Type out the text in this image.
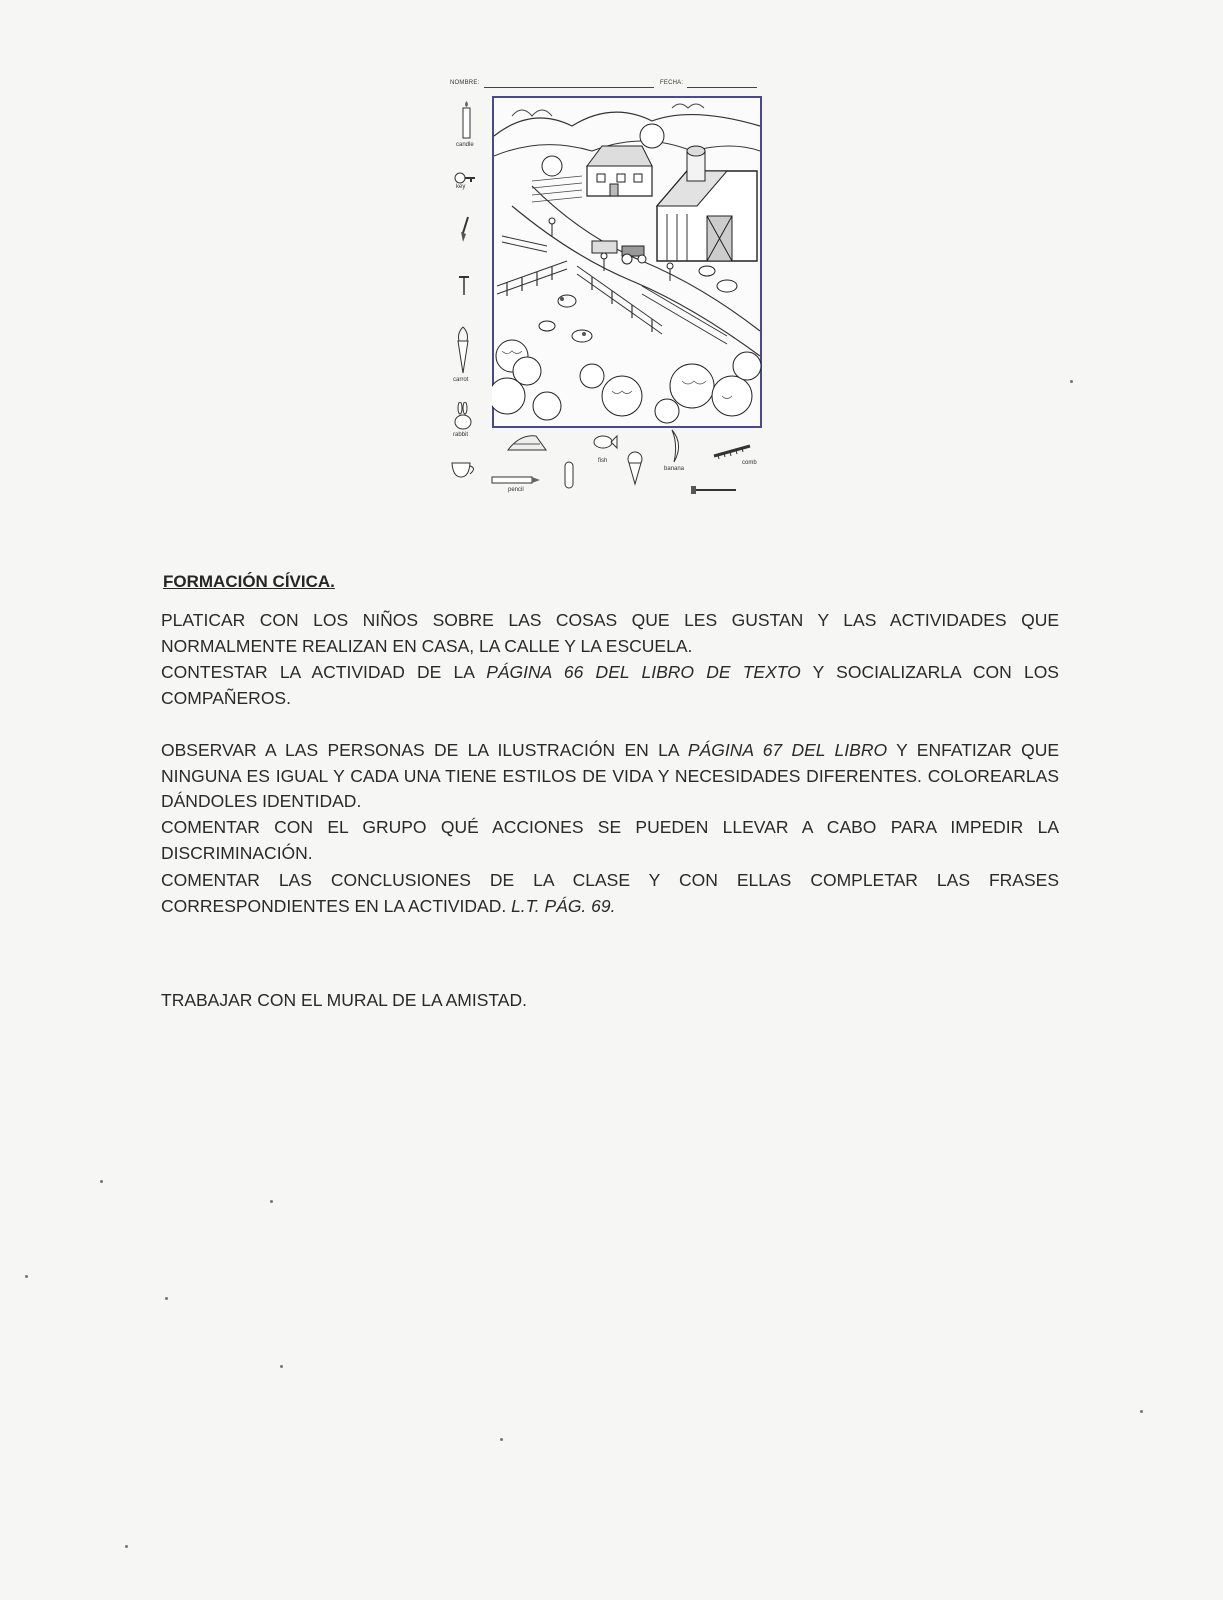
NOMBRE:	FECHA:
candle
key
carrot
rabbit
pencil
fish
banana
comb
FORMACIÓN CÍVICA.

PLATICAR CON LOS NIÑOS SOBRE LAS COSAS QUE LES GUSTAN Y LAS ACTIVIDADES QUE NORMALMENTE REALIZAN EN CASA, LA CALLE Y LA ESCUELA.

CONTESTAR LA ACTIVIDAD DE LA PÁGINA 66 DEL LIBRO DE TEXTO Y SOCIALIZARLA CON LOS COMPAÑEROS.

OBSERVAR A LAS PERSONAS DE LA ILUSTRACIÓN EN LA PÁGINA 67 DEL LIBRO Y ENFATIZAR QUE NINGUNA ES IGUAL Y CADA UNA TIENE ESTILOS DE VIDA Y NECESIDADES DIFERENTES. COLOREARLAS DÁNDOLES IDENTIDAD.

COMENTAR CON EL GRUPO QUÉ ACCIONES SE PUEDEN LLEVAR A CABO PARA IMPEDIR LA DISCRIMINACIÓN.

COMENTAR LAS CONCLUSIONES DE LA CLASE Y CON ELLAS COMPLETAR LAS FRASES CORRESPONDIENTES EN LA ACTIVIDAD. L.T. PÁG. 69.

TRABAJAR CON EL MURAL DE LA AMISTAD.
